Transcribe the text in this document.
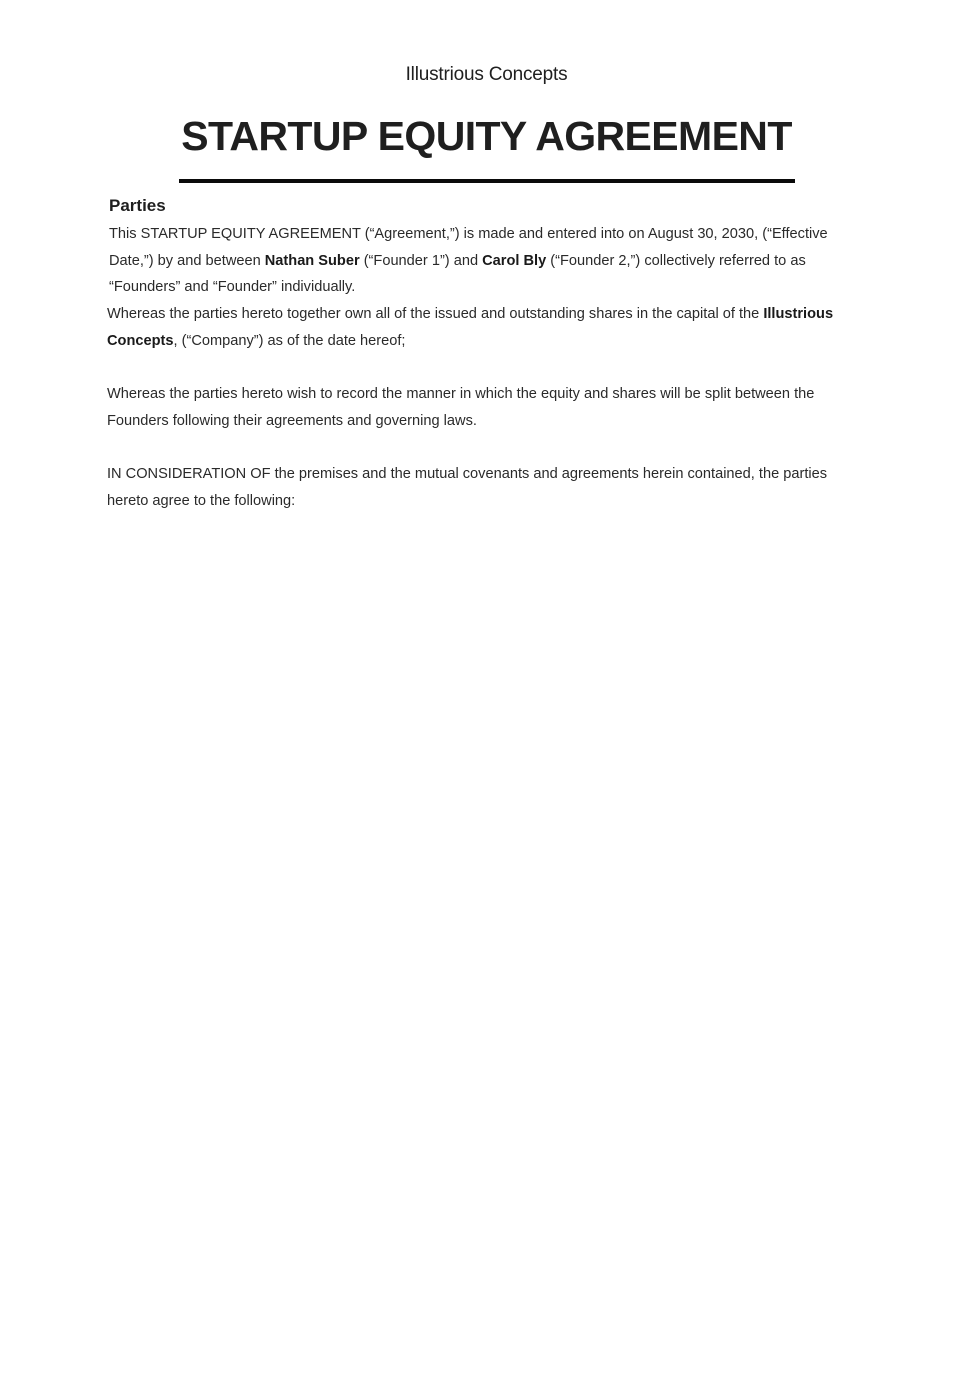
Illustrious Concepts
STARTUP EQUITY AGREEMENT
Parties

This STARTUP EQUITY AGREEMENT (“Agreement,”) is made and entered into on August 30, 2030, (“Effective Date,”) by and between Nathan Suber (“Founder 1”) and Carol Bly (“Founder 2,”) collectively referred to as “Founders” and “Founder” individually.

Whereas the parties hereto together own all of the issued and outstanding shares in the capital of the Illustrious Concepts, (“Company”) as of the date hereof;

Whereas the parties hereto wish to record the manner in which the equity and shares will be split between the Founders following their agreements and governing laws.

IN CONSIDERATION OF the premises and the mutual covenants and agreements herein contained, the parties hereto agree to the following:
